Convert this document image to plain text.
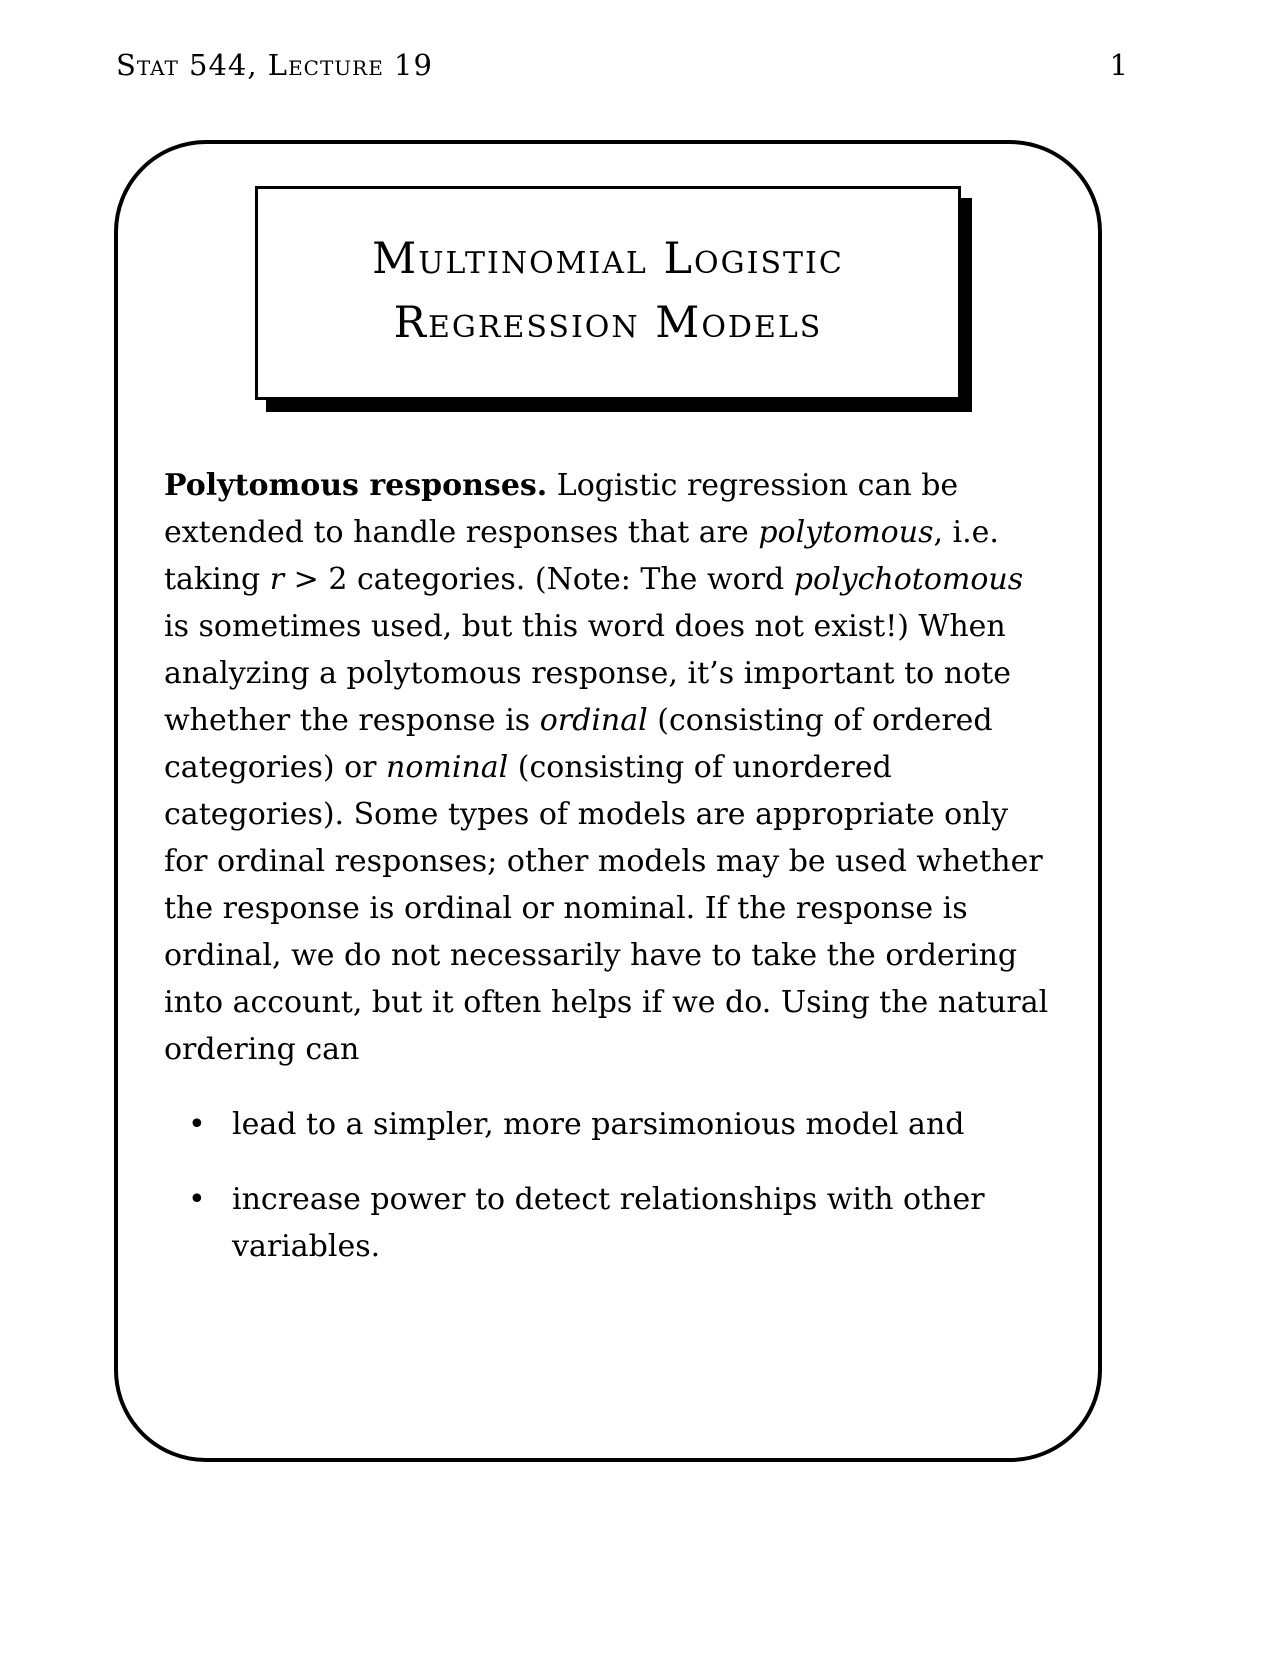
Stat 544, Lecture 19	1
Multinomial Logistic
Regression Models

Polytomous responses. Logistic regression can be extended to handle responses that are polytomous, i.e. taking r > 2 categories. (Note: The word polychotomous is sometimes used, but this word does not exist!) When analyzing a polytomous response, it’s important to note whether the response is ordinal (consisting of ordered categories) or nominal (consisting of unordered categories). Some types of models are appropriate only for ordinal responses; other models may be used whether the response is ordinal or nominal. If the response is ordinal, we do not necessarily have to take the ordering into account, but it often helps if we do. Using the natural ordering can

• lead to a simpler, more parsimonious model and
• increase power to detect relationships with other variables.
